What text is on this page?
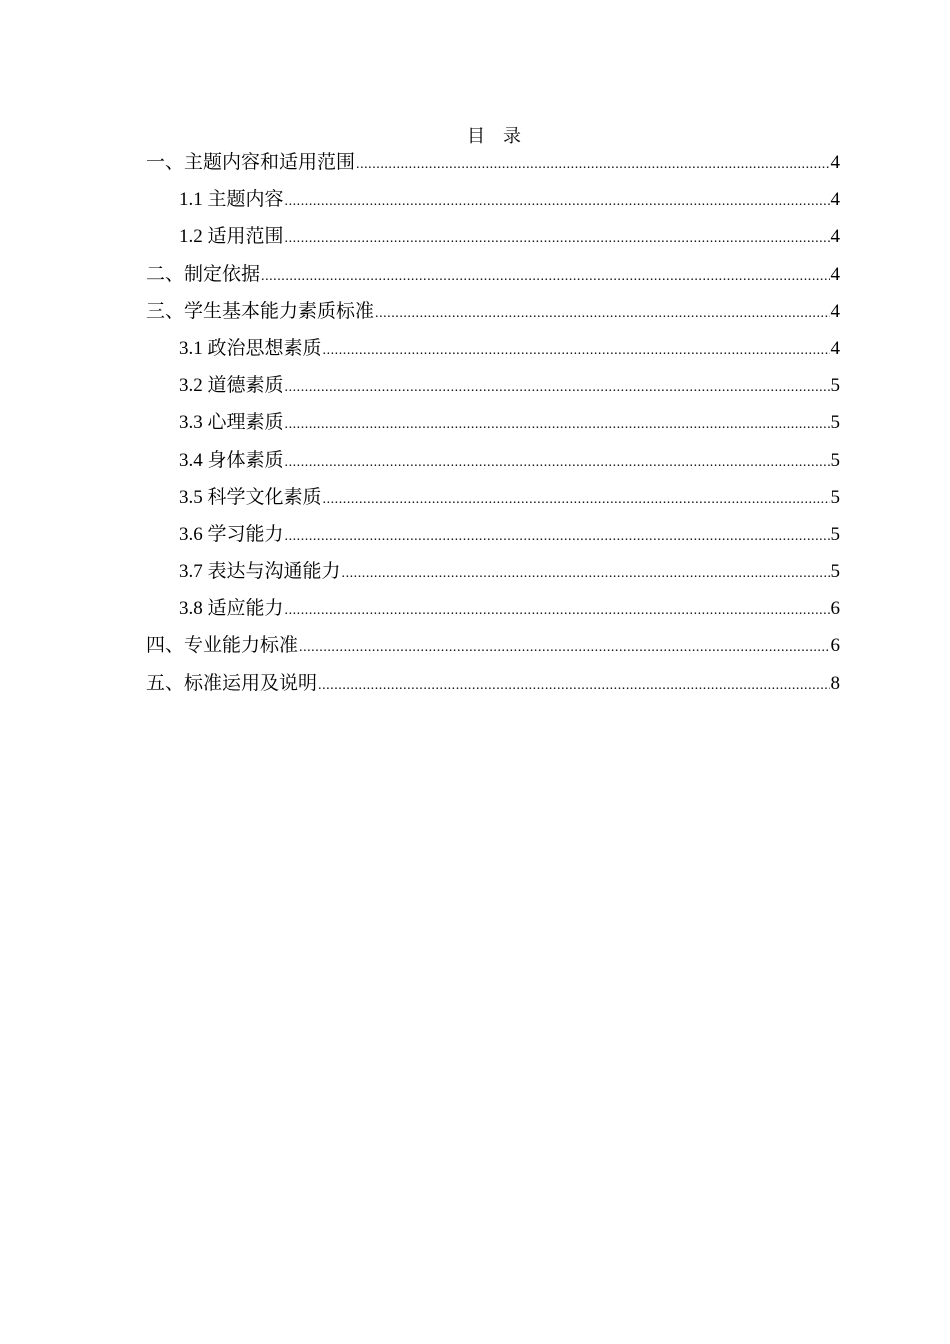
目　录
一、主题内容和适用范围 .....	4
1.1 主题内容 .....	4
1.2 适用范围 .....	4
二、制定依据 .....	4
三、学生基本能力素质标准 .....	4
3.1 政治思想素质 .....	4
3.2 道德素质 .....	5
3.3 心理素质 .....	5
3.4 身体素质 .....	5
3.5 科学文化素质 .....	5
3.6 学习能力 .....	5
3.7 表达与沟通能力 .....	5
3.8 适应能力 .....	6
四、专业能力标准 .....	6
五、标准运用及说明 .....	8
